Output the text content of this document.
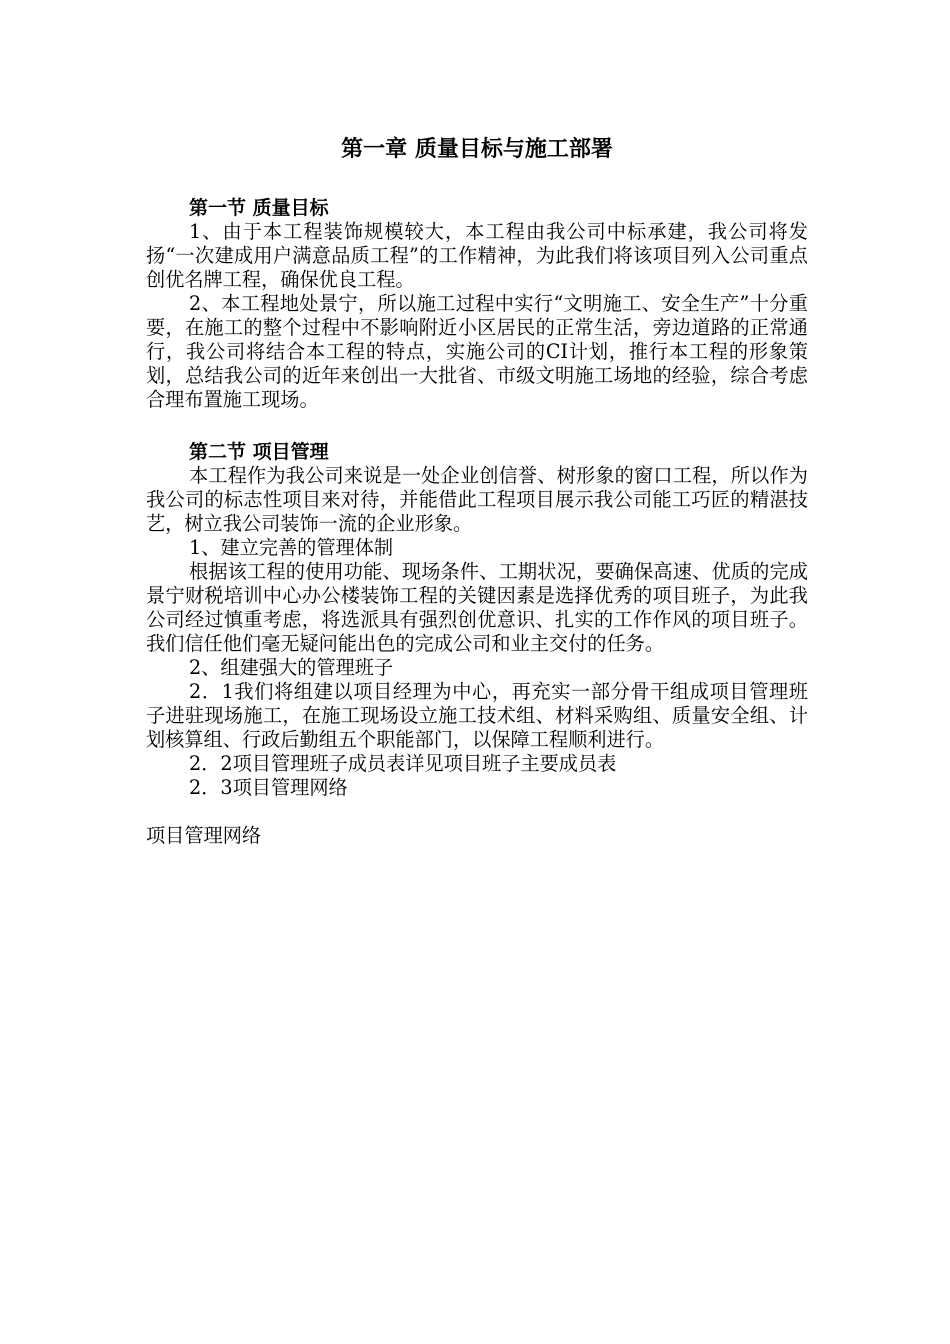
第一章 质量目标与施工部署
第一节 质量目标

1、由于本工程装饰规模较大，本工程由我公司中标承建，我公司将发扬“一次建成用户满意品质工程”的工作精神，为此我们将该项目列入公司重点创优名牌工程，确保优良工程。

2、本工程地处景宁，所以施工过程中实行“文明施工、安全生产”十分重要，在施工的整个过程中不影响附近小区居民的正常生活，旁边道路的正常通行，我公司将结合本工程的特点，实施公司的CI计划，推行本工程的形象策划，总结我公司的近年来创出一大批省、市级文明施工场地的经验，综合考虑合理布置施工现场。

第二节 项目管理

本工程作为我公司来说是一处企业创信誉、树形象的窗口工程，所以作为我公司的标志性项目来对待，并能借此工程项目展示我公司能工巧匠的精湛技艺，树立我公司装饰一流的企业形象。

1、建立完善的管理体制

根据该工程的使用功能、现场条件、工期状况，要确保高速、优质的完成景宁财税培训中心办公楼装饰工程的关键因素是选择优秀的项目班子，为此我公司经过慎重考虑，将选派具有强烈创优意识、扎实的工作作风的项目班子。我们信任他们毫无疑问能出色的完成公司和业主交付的任务。

2、组建强大的管理班子

2．1我们将组建以项目经理为中心，再充实一部分骨干组成项目管理班子进驻现场施工，在施工现场设立施工技术组、材料采购组、质量安全组、计划核算组、行政后勤组五个职能部门，以保障工程顺利进行。

2．2项目管理班子成员表详见项目班子主要成员表

2．3项目管理网络

项目管理网络
